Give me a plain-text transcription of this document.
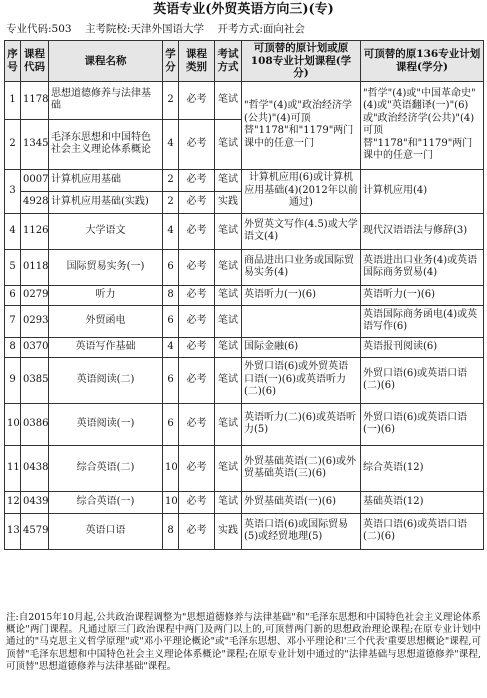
英语专业(外贸英语方向三)(专)
专业代码:503 主考院校:天津外国语大学 开考方式:面向社会
序号	课程代码	课程名称	学分	课程类别	考试方式	可顶替的原计划或原108专业计划课程(学分)	可顶替的原136专业计划课程(学分)
1	1178	思想道德修养与法律基础	2	必考	笔试	"哲学"(4)或"政治经济学(公共)"(4)可顶替"1178"和"1179"两门课中的任意一门	"哲学"(4)或"中国革命史"(4)或"英语翻译(一)"(6)或"政治经济学(公共)"(4)可顶替"1178"和"1179"两门课中的任意一门
2	1345	毛泽东思想和中国特色社会主义理论体系概论	4	必考	笔试		
3	0007	计算机应用基础	2	必考	笔试	计算机应用(6)或计算机应用基础(4)(2012年以前通过)	计算机应用(4)
	4928	计算机应用基础(实践)	2	必考	实践		
4	1126	大学语文	4	必考	笔试	外贸英文写作(4.5)或大学语文(4)	现代汉语语法与修辞(3)
5	0118	国际贸易实务(一)	6	必考	笔试	商品进出口业务或国际贸易实务(4)	英语进出口业务(4)或英语国际商务贸易(4)
6	0279	听力	8	必考	笔试	英语听力(一)(6)	英语听力(一)(6)
7	0293	外贸函电	6	必考	笔试		英语国际商务函电(4)或英语写作(6)
8	0370	英语写作基础	4	必考	笔试	国际金融(6)	英语报刊阅读(6)
9	0385	英语阅读(二)	6	必考	笔试	外贸口语(6)或外贸英语口语(一)(6)或英语听力(二)(6)	外贸口语(6)或英语口语(二)(6)
10	0386	英语阅读(一)	6	必考	笔试	英语听力(二)(6)或英语听力(5)	外贸口语(6)或英语口语(一)(6)
11	0438	综合英语(二)	10	必考	笔试	外贸基础英语(二)(6)或外贸基础英语(三)(6)	综合英语(12)
12	0439	综合英语(一)	10	必考	笔试	外贸基础英语(一)(6)	基础英语(12)
13	4579	英语口语	8	必考	实践	英语口语(6)或国际贸易(5)或经贸地理(5)	英语口语(6)或英语口语(二)(6)
注:自2015年10月起,公共政治课程调整为"思想道德修养与法律基础"和"毛泽东思想和中国特色社会主义理论体系概论"两门课程。凡通过原三门政治课程中两门及两门以上的,可顶替两门新的思想政治理论课程;在原专业计划中通过的"马克思主义哲学原理"或"邓小平理论概论"或"毛泽东思想、邓小平理论和'三个代表'重要思想概论"课程,可顶替"毛泽东思想和中国特色社会主义理论体系概论"课程;在原专业计划中通过的"法律基础与思想道德修养"课程,可顶替"思想道德修养与法律基础"课程。
